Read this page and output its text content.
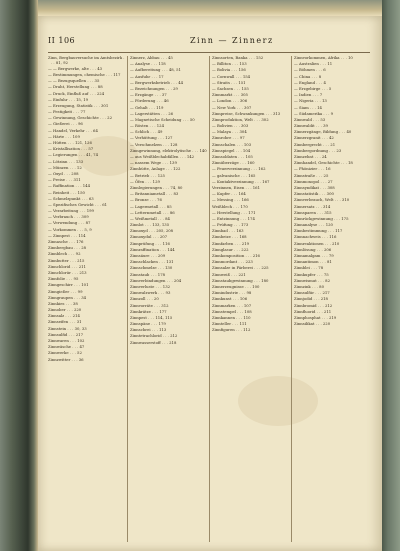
II 106	Zinn — Zinnerz
Zinn, Bergbauversuche im Amtsbezirk . . . 81, 92
— — Bergwerke, alte . . . 43
— Bestimmungen, chemische . . . 117
— — Bezugsquellen . . . 35
— Draht, Herstellung . . . 88
— Druck, Einfluß auf . . . 224
— Einfuhr . . . 15, 19
— Erzeugung, Statistik . . . 301
— Festigkeit . . . 77
— Gewinnung, Geschichte . . . 22
— Gießerei . . . 96
— Handel, Verkehr . . . 64
— Härte . . . 109
— Hütten . . . 121, 126
— Kristallisation . . . 57
— Legierungen . . . 41, 74
— Lötzinn . . . 133
— Münzen . . . 12
— Oxyd . . . 208
— Preise . . . 311
— Raffination . . . 144
— Reinheit . . . 150
— Schmelzpunkt . . . 63
— Spezifisches Gewicht . . . 61
— Verarbeitung . . . 199
— Verbrauch . . . 309
— Verwendung . . . 87
— Vorkommen . . . 5, 9
— Zinnpest . . . 114
Zinnasche . . . 176
Zinnbergbau . . . 28
Zinnblech . . . 92
Zinnbutter . . . 215
Zinnchlorid . . . 211
Zinnchlorür . . . 213
Zinnfolie . . . 95
Zinngeschirr . . . 101
Zinngießer . . . 99
Zinngraupen . . . 34
Zinnkies . . . 38
Zinnober . . . 220
Zinnsalz . . . 214
Zinnseifen . . . 31
Zinnstein . . . 30, 33
Zinnsulfid . . . 217
Zinnwaren . . . 102
Zinnwäsche . . . 47
Zinnwerke . . . 52
Zinnzwitter . . . 36
Zinnerz, Abbau . . . 45
— Analyse . . . 118
— Aufbereitung . . . 48, 51
— Ausfuhr . . . 17
— Bergwerksbetrieb . . . 44
— Bezeichnungen . . . 29
— Erzgänge . . . 37
— Förderung . . . 46
— Gehalt . . . 119
— Lagerstätten . . . 26
— Magnetische Scheidung . . . 50
— Rösten . . . 124
— Schlich . . . 49
— Verhüttung . . . 127
— Verschmelzen . . . 128
Zinngewinnung, elektrolytische . . . 140
— aus Weißblechabfällen . . . 142
— nassem Wege . . . 139
Zinnhütte, Anlage . . . 122
— Betrieb . . . 125
— Öfen . . . 129
Zinnlegierungen . . . 74, 80
— Britanniametall . . . 83
— Bronze . . . 76
— Lagermetall . . . 85
— Letternmetall . . . 86
— Weißmetall . . . 84
Zinnlot . . . 133, 135
Zinnoxyd . . . 205, 208
Zinnoxydul . . . 207
Zinnprüfung . . . 116
Zinnraffination . . . 144
Zinnsäure . . . 209
Zinnschlacken . . . 131
Zinnschmelze . . . 130
Zinnstaub . . . 178
Zinnverbindungen . . . 204
Zinnverluste . . . 132
Zinnwalzwerk . . . 93
Zinnzoll . . . 20
Zinnvorräte . . . 312
Zinnkrätze . . . 177
Zinnpest . . . 114, 115
Zinnspäne . . . 179
Zinnschrei . . . 113
Zinntetrachlorid . . . 212
Zinnwasserstoff . . . 218
Zinnsorten, Banka . . . 152
— Billiton . . . 153
— Bolivia . . . 156
— Cornwall . . . 154
— Straits . . . 151
— Sachsen . . . 155
Zinnmarkt . . . 305
— London . . . 306
— New York . . . 307
Zinnpreise, Schwankungen . . . 313
Zinnproduktion, Welt . . . 302
— Bolivien . . . 303
— Malaya . . . 304
Zinnrohre . . . 97
Zinnschalen . . . 103
Zinnspiegel . . . 104
Zinnsoldaten . . . 105
Zinnüberzüge . . . 160
— Feuerverzinnung . . . 162
— galvanische . . . 165
— Kontaktverzinnung . . . 167
Verzinnen, Eisen . . . 161
— Kupfer . . . 164
— Messing . . . 166
Weißblech . . . 170
— Herstellung . . . 171
— Entzinnung . . . 174
— Prüfung . . . 173
Zinnbad . . . 163
Zinnbeize . . . 168
Zinnfarben . . . 219
Zinnglasur . . . 222
Zinnkomposition . . . 216
Zinnmordant . . . 223
Zinnsalze in Färberei . . . 225
Zinnweiß . . . 221
Zinnstaubgewinnung . . . 180
Zinnerzeugnisse . . . 100
Zinnindustrie . . . 98
Zinnkunst . . . 106
Zinnmarken . . . 107
Zinnstempel . . . 108
Zinnkannen . . . 110
Zinnteller . . . 111
Zinnfiguren . . . 112
Zinnvorkommen, Afrika . . . 10
— Australien . . . 11
— Böhmen . . . 6
— China . . . 8
— England . . . 4
— Erzgebirge . . . 5
— Indien . . . 7
— Nigeria . . . 13
— Siam . . . 14
— Südamerika . . . 9
Zinnwald . . . 53
Zinnwaldit . . . 39
Zinnerzgänge, Bildung . . . 40
Zinnerzgranit . . . 42
Zinnbergrecht . . . 21
Zinnbergordnung . . . 23
Zinnzehnt . . . 24
Zinnhandel, Geschichte . . . 18
— Phönizier . . . 16
Zinnstraße . . . 25
Zinnmonopol . . . 27
Zinnsyndikat . . . 308
Zinnstatistik . . . 300
Zinnverbrauch, Welt . . . 310
Zinnersatz . . . 314
Zinnsparen . . . 315
Zinnrückgewinnung . . . 175
Zinnanalyse . . . 120
Zinnbestimmung . . . 117
Zinnnachweis . . . 116
Zinnreaktionen . . . 210
Zinnlösung . . . 206
Zinnamalgam . . . 79
Zinnantimon . . . 81
Zinnblei . . . 78
Zinnkupfer . . . 75
Zinnwismut . . . 82
Zinnzink . . . 80
Zinnsulfür . . . 217
Zinnjodid . . . 218
Zinnbromid . . . 212
Zinnfluorid . . . 211
Zinnphosphat . . . 219
Zinnsilikat . . . 220
